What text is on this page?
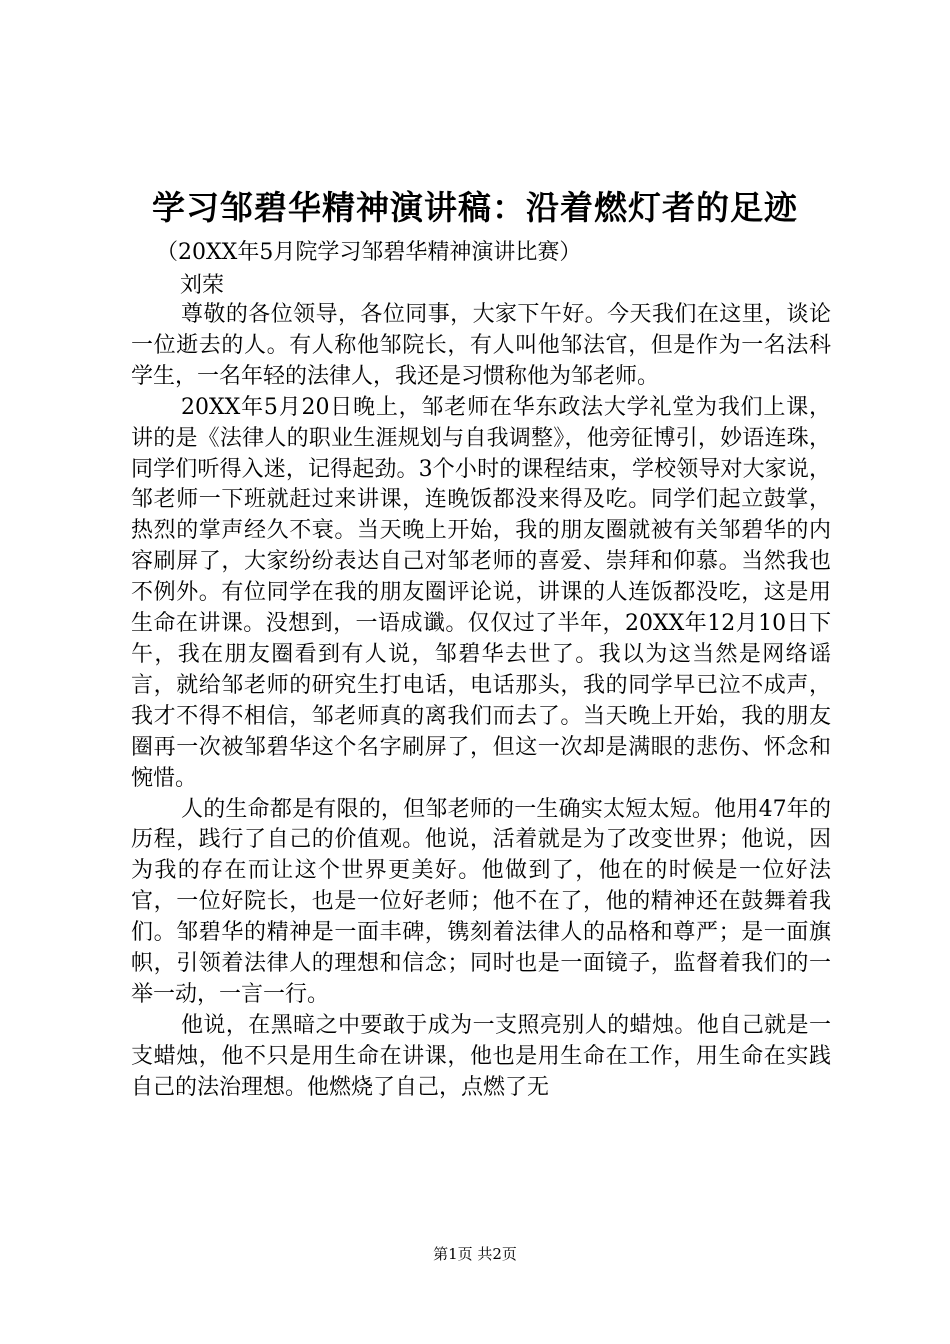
学习邹碧华精神演讲稿：沿着燃灯者的足迹

（20XX年5月院学习邹碧华精神演讲比赛）

刘荣

尊敬的各位领导，各位同事，大家下午好。今天我们在这里，谈论一位逝去的人。有人称他邹院长，有人叫他邹法官，但是作为一名法科学生，一名年轻的法律人，我还是习惯称他为邹老师。

20XX年5月20日晚上，邹老师在华东政法大学礼堂为我们上课，讲的是《法律人的职业生涯规划与自我调整》，他旁征博引，妙语连珠，同学们听得入迷，记得起劲。3个小时的课程结束，学校领导对大家说，邹老师一下班就赶过来讲课，连晚饭都没来得及吃。同学们起立鼓掌，热烈的掌声经久不衰。当天晚上开始，我的朋友圈就被有关邹碧华的内容刷屏了，大家纷纷表达自己对邹老师的喜爱、崇拜和仰慕。当然我也不例外。有位同学在我的朋友圈评论说，讲课的人连饭都没吃，这是用生命在讲课。没想到，一语成谶。仅仅过了半年，20XX年12月10日下午，我在朋友圈看到有人说，邹碧华去世了。我以为这当然是网络谣言，就给邹老师的研究生打电话，电话那头，我的同学早已泣不成声，我才不得不相信，邹老师真的离我们而去了。当天晚上开始，我的朋友圈再一次被邹碧华这个名字刷屏了，但这一次却是满眼的悲伤、怀念和惋惜。

人的生命都是有限的，但邹老师的一生确实太短太短。他用47年的历程，践行了自己的价值观。他说，活着就是为了改变世界；他说，因为我的存在而让这个世界更美好。他做到了，他在的时候是一位好法官，一位好院长，也是一位好老师；他不在了，他的精神还在鼓舞着我们。邹碧华的精神是一面丰碑，镌刻着法律人的品格和尊严；是一面旗帜，引领着法律人的理想和信念；同时也是一面镜子，监督着我们的一举一动，一言一行。

他说，在黑暗之中要敢于成为一支照亮别人的蜡烛。他自己就是一支蜡烛，他不只是用生命在讲课，他也是用生命在工作，用生命在实践自己的法治理想。他燃烧了自己，点燃了无

第1页 共2页
